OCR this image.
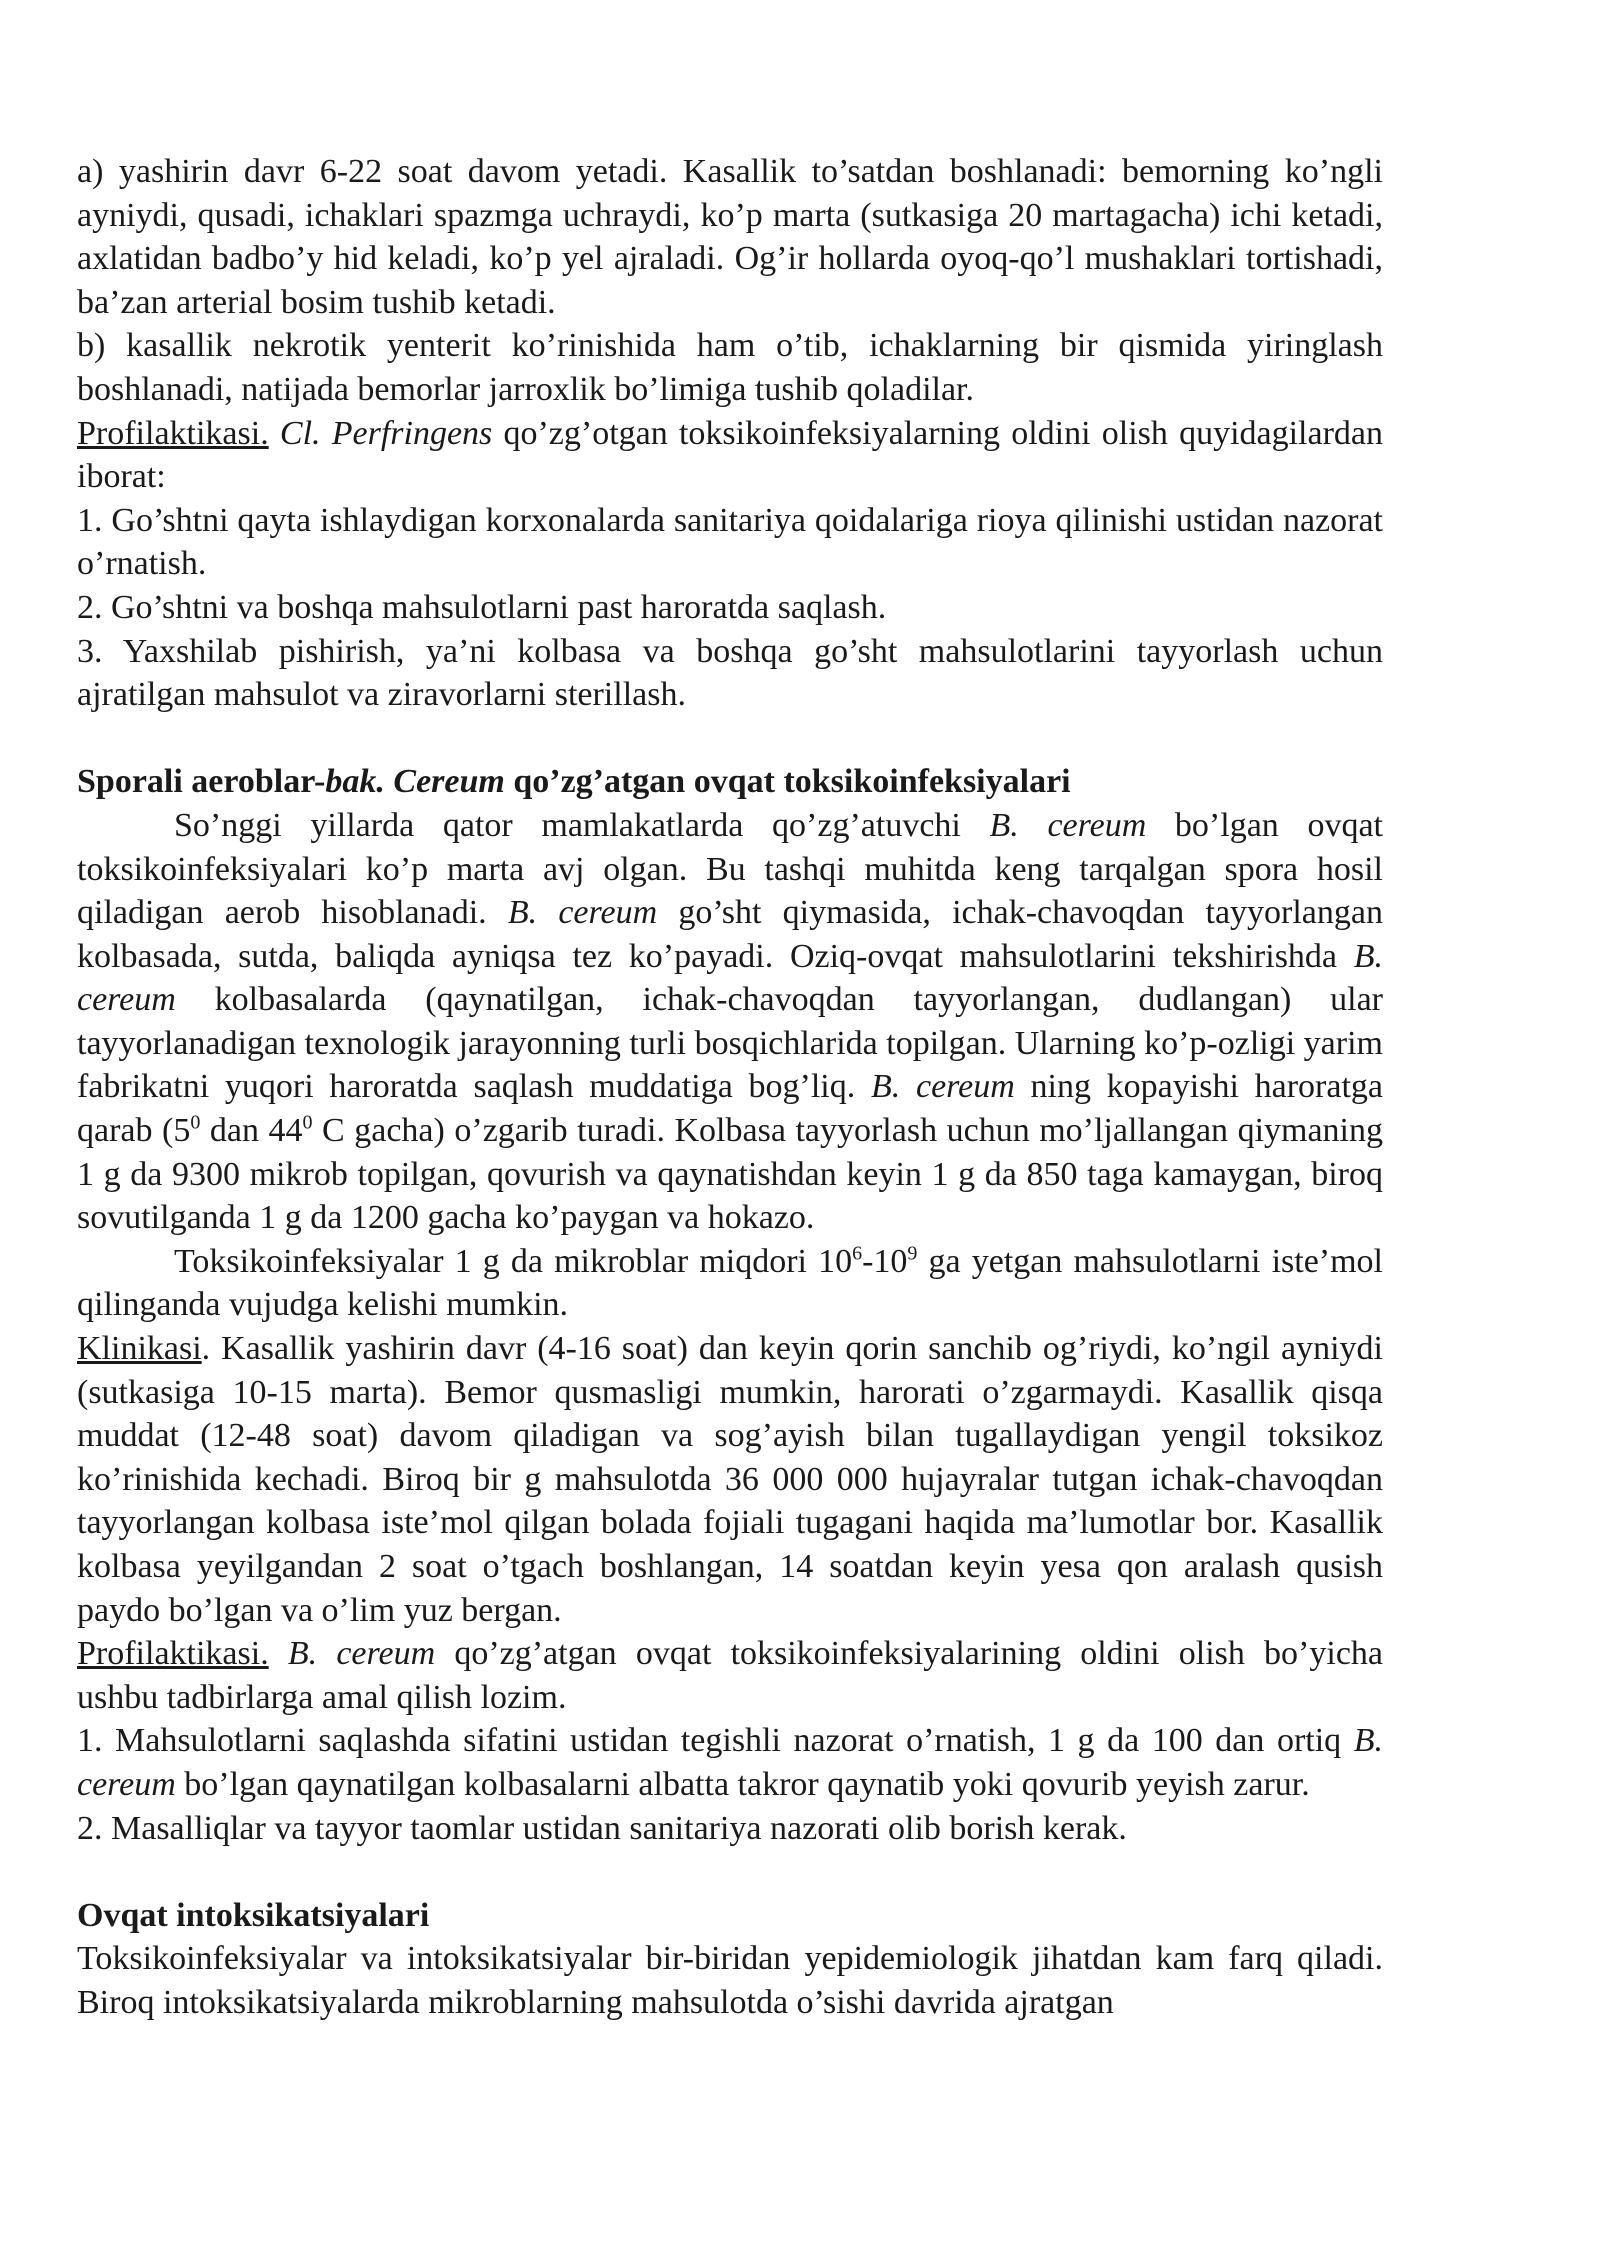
a) yashirin davr 6-22 soat davom yetadi. Kasallik to’satdan boshlanadi: bemorning ko’ngli ayniydi, qusadi, ichaklari spazmga uchraydi, ko’p marta (sutkasiga 20 martagacha) ichi ketadi, axlatidan badbo’y hid keladi, ko’p yel ajraladi. Og’ir hollarda oyoq-qo’l mushaklari tortishadi, ba’zan arterial bosim tushib ketadi.

b) kasallik nekrotik yenterit ko’rinishida ham o’tib, ichaklarning bir qismida yiringlash boshlanadi, natijada bemorlar jarroxlik bo’limiga tushib qoladilar.

Profilaktikasi. Cl. Perfringens qo’zg’otgan toksikoinfeksiyalarning oldini olish quyidagilardan iborat:

1. Go’shtni qayta ishlaydigan korxonalarda sanitariya qoidalariga rioya qilinishi ustidan nazorat o’rnatish.

2. Go’shtni va boshqa mahsulotlarni past haroratda saqlash.

3. Yaxshilab pishirish, ya’ni kolbasa va boshqa go’sht mahsulotlarini tayyorlash uchun ajratilgan mahsulot va ziravorlarni sterillash.

Sporali aeroblar-bak. Cereum qo’zg’atgan ovqat toksikoinfeksiyalari

So’nggi yillarda qator mamlakatlarda qo’zg’atuvchi B. cereum bo’lgan ovqat toksikoinfeksiyalari ko’p marta avj olgan. Bu tashqi muhitda keng tarqalgan spora hosil qiladigan aerob hisoblanadi. B. cereum go’sht qiymasida, ichak-chavoqdan tayyorlangan kolbasada, sutda, baliqda ayniqsa tez ko’payadi. Oziq-ovqat mahsulotlarini tekshirishda B. cereum kolbasalarda (qaynatilgan, ichak-chavoqdan tayyorlangan, dudlangan) ular tayyorlanadigan texnologik jarayonning turli bosqichlarida topilgan. Ularning ko’p-ozligi yarim fabrikatni yuqori haroratda saqlash muddatiga bog’liq. B. cereum ning kopayishi haroratga qarab ($5^0$ dan $44^0$ C gacha) o’zgarib turadi. Kolbasa tayyorlash uchun mo’ljallangan qiymaning 1 g da 9300 mikrob topilgan, qovurish va qaynatishdan keyin 1 g da 850 taga kamaygan, biroq sovutilganda 1 g da 1200 gacha ko’paygan va hokazo.

Toksikoinfeksiyalar 1 g da mikroblar miqdori $10^6-10^9$ ga yetgan mahsulotlarni iste’mol qilinganda vujudga kelishi mumkin.

Klinikasi. Kasallik yashirin davr (4-16 soat) dan keyin qorin sanchib og’riydi, ko’ngil ayniydi (sutkasiga 10-15 marta). Bemor qusmasligi mumkin, harorati o’zgarmaydi. Kasallik qisqa muddat (12-48 soat) davom qiladigan va sog’ayish bilan tugallaydigan yengil toksikoz ko’rinishida kechadi. Biroq bir g mahsulotda 36 000 000 hujayralar tutgan ichak-chavoqdan tayyorlangan kolbasa iste’mol qilgan bolada fojiali tugagani haqida ma’lumotlar bor. Kasallik kolbasa yeyilgandan 2 soat o’tgach boshlangan, 14 soatdan keyin yesa qon aralash qusish paydo bo’lgan va o’lim yuz bergan.

Profilaktikasi. B. cereum qo’zg’atgan ovqat toksikoinfeksiyalarining oldini olish bo’yicha ushbu tadbirlarga amal qilish lozim.

1. Mahsulotlarni saqlashda sifatini ustidan tegishli nazorat o’rnatish, 1 g da 100 dan ortiq B. cereum bo’lgan qaynatilgan kolbasalarni albatta takror qaynatib yoki qovurib yeyish zarur.

2. Masalliqlar va tayyor taomlar ustidan sanitariya nazorati olib borish kerak.

Ovqat intoksikatsiyalari

Toksikoinfeksiyalar va intoksikatsiyalar bir-biridan yepidemiologik jihatdan kam farq qiladi. Biroq intoksikatsiyalarda mikroblarning mahsulotda o’sishi davrida ajratgan
